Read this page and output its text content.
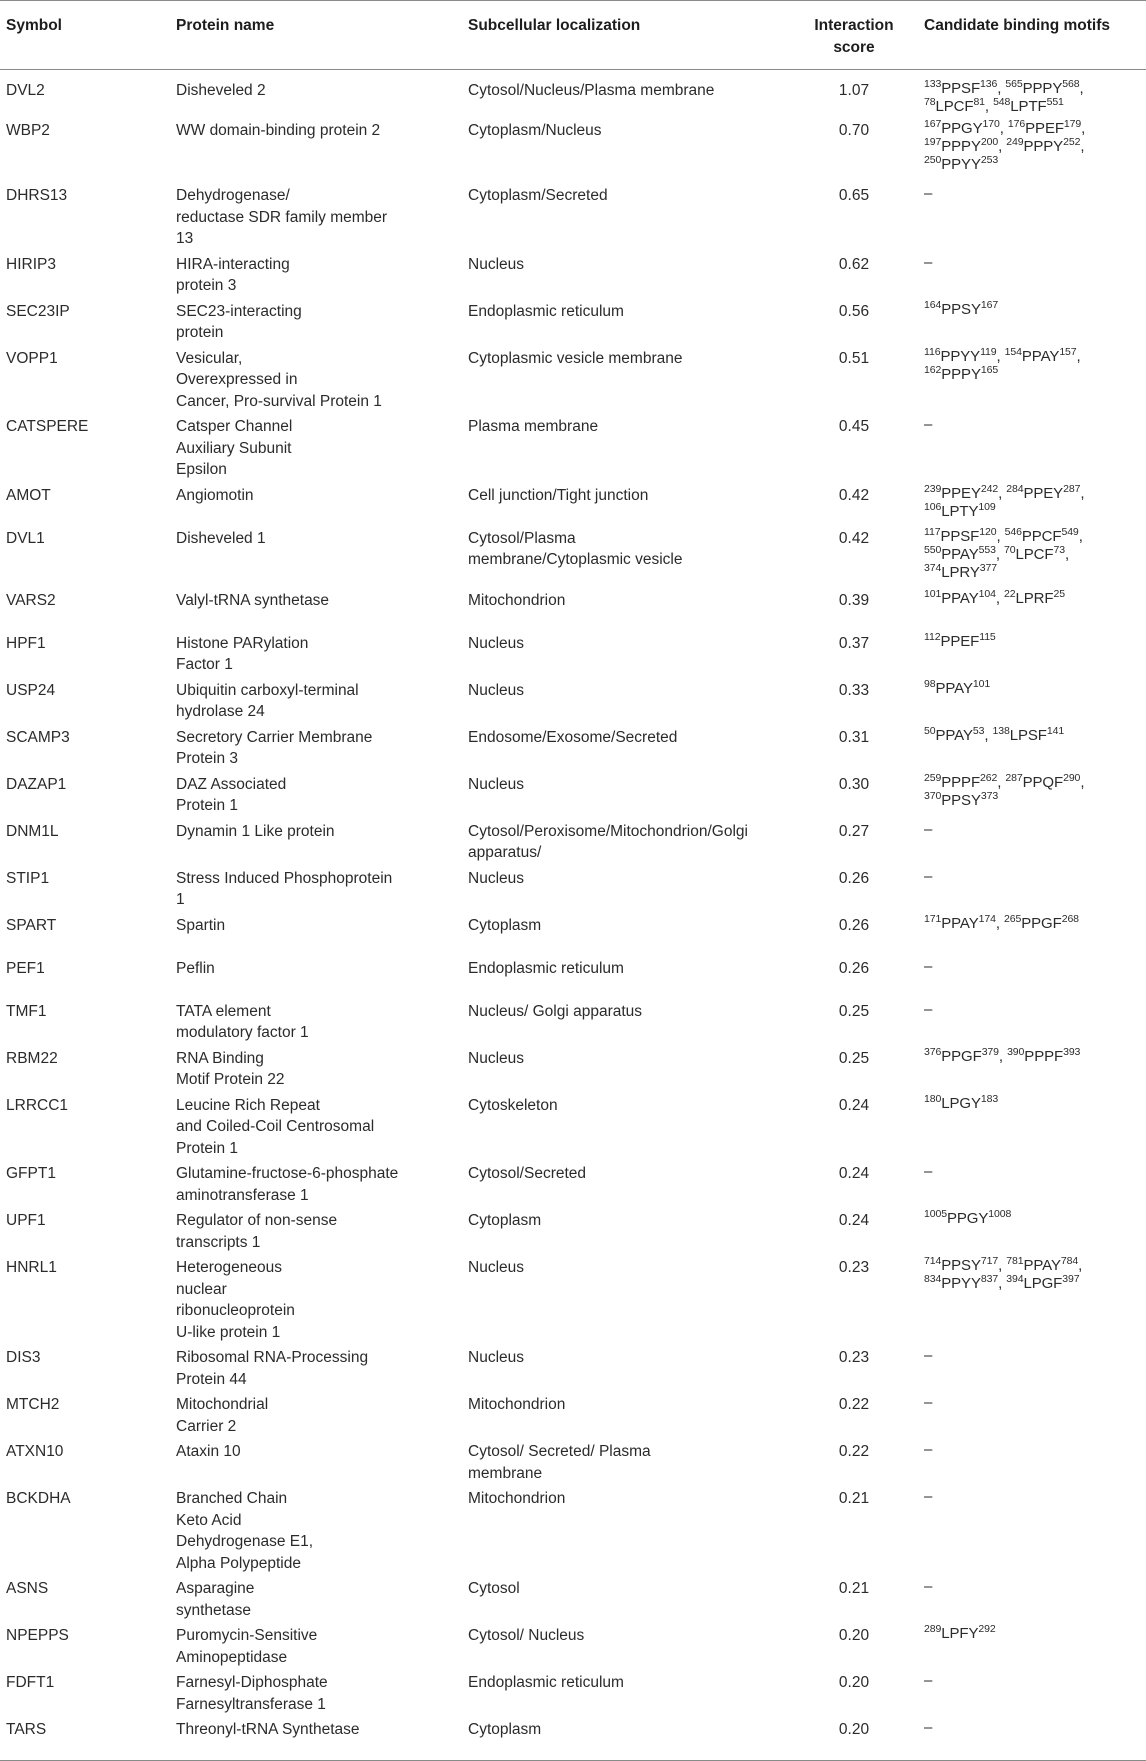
Symbol	Protein name	Subcellular localization	Interaction score	Candidate binding motifs
DVL2	Disheveled 2	Cytosol/Nucleus/Plasma membrane	1.07	$^{133}$PPSF$^{136}$, $^{565}$PPPY$^{568}$, $^{78}$LPCF$^{81}$, $^{548}$LPTF$^{551}$
WBP2	WW domain-binding protein 2	Cytoplasm/Nucleus	0.70	$^{167}$PPGY$^{170}$, $^{176}$PPEF$^{179}$, $^{197}$PPPY$^{200}$, $^{249}$PPPY$^{252}$, $^{250}$PPYY$^{253}$
DHRS13	Dehydrogenase/
reductase SDR family member
13	Cytoplasm/Secreted	0.65	–
HIRIP3	HIRA-interacting
protein 3	Nucleus	0.62	–
SEC23IP	SEC23-interacting
protein	Endoplasmic reticulum	0.56	$^{164}$PPSY$^{167}$
VOPP1	Vesicular,
Overexpressed in
Cancer, Pro-survival Protein 1	Cytoplasmic vesicle membrane	0.51	$^{116}$PPYY$^{119}$, $^{154}$PPAY$^{157}$, $^{162}$PPPY$^{165}$
CATSPERE	Catsper Channel
Auxiliary Subunit
Epsilon	Plasma membrane	0.45	–
AMOT	Angiomotin	Cell junction/Tight junction	0.42	$^{239}$PPEY$^{242}$, $^{284}$PPEY$^{287}$, $^{106}$LPTY$^{109}$
DVL1	Disheveled 1	Cytosol/Plasma
membrane/Cytoplasmic vesicle	0.42	$^{117}$PPSF$^{120}$, $^{546}$PPCF$^{549}$, $^{550}$PPAY$^{553}$, $^{70}$LPCF$^{73}$, $^{374}$LPRY$^{377}$
VARS2	Valyl-tRNA synthetase	Mitochondrion	0.39	$^{101}$PPAY$^{104}$, $^{22}$LPRF$^{25}$
HPF1	Histone PARylation
Factor 1	Nucleus	0.37	$^{112}$PPEF$^{115}$
USP24	Ubiquitin carboxyl-terminal
hydrolase 24	Nucleus	0.33	$^{98}$PPAY$^{101}$
SCAMP3	Secretory Carrier Membrane
Protein 3	Endosome/Exosome/Secreted	0.31	$^{50}$PPAY$^{53}$, $^{138}$LPSF$^{141}$
DAZAP1	DAZ Associated
Protein 1	Nucleus	0.30	$^{259}$PPPF$^{262}$, $^{287}$PPQF$^{290}$, $^{370}$PPSY$^{373}$
DNM1L	Dynamin 1 Like protein	Cytosol/Peroxisome/Mitochondrion/Golgi
apparatus/	0.27	–
STIP1	Stress Induced Phosphoprotein
1	Nucleus	0.26	–
SPART	Spartin	Cytoplasm	0.26	$^{171}$PPAY$^{174}$, $^{265}$PPGF$^{268}$
PEF1	Peflin	Endoplasmic reticulum	0.26	–
TMF1	TATA element
modulatory factor 1	Nucleus/ Golgi apparatus	0.25	–
RBM22	RNA Binding
Motif Protein 22	Nucleus	0.25	$^{376}$PPGF$^{379}$, $^{390}$PPPF$^{393}$
LRRCC1	Leucine Rich Repeat
and Coiled-Coil Centrosomal
Protein 1	Cytoskeleton	0.24	$^{180}$LPGY$^{183}$
GFPT1	Glutamine-fructose-6-phosphate
aminotransferase 1	Cytosol/Secreted	0.24	–
UPF1	Regulator of non-sense
transcripts 1	Cytoplasm	0.24	$^{1005}PPGY^{1008}$
HNRL1	Heterogeneous
nuclear
ribonucleoprotein
U-like protein 1	Nucleus	0.23	$^{714}$PPSY$^{717}$, $^{781}$PPAY$^{784}$, $^{834}$PPYY$^{837}$, $^{394}$LPGF$^{397}$
DIS3	Ribosomal RNA-Processing
Protein 44	Nucleus	0.23	–
MTCH2	Mitochondrial
Carrier 2	Mitochondrion	0.22	–
ATXN10	Ataxin 10	Cytosol/ Secreted/ Plasma
membrane	0.22	–
BCKDHA	Branched Chain
Keto Acid
Dehydrogenase E1,
Alpha Polypeptide	Mitochondrion	0.21	–
ASNS	Asparagine
synthetase	Cytosol	0.21	–
NPEPPS	Puromycin-Sensitive
Aminopeptidase	Cytosol/ Nucleus	0.20	$^{289}$LPFY$^{292}$
FDFT1	Farnesyl-Diphosphate
Farnesyltransferase 1	Endoplasmic reticulum	0.20	–
TARS	Threonyl-tRNA Synthetase	Cytoplasm	0.20	–
